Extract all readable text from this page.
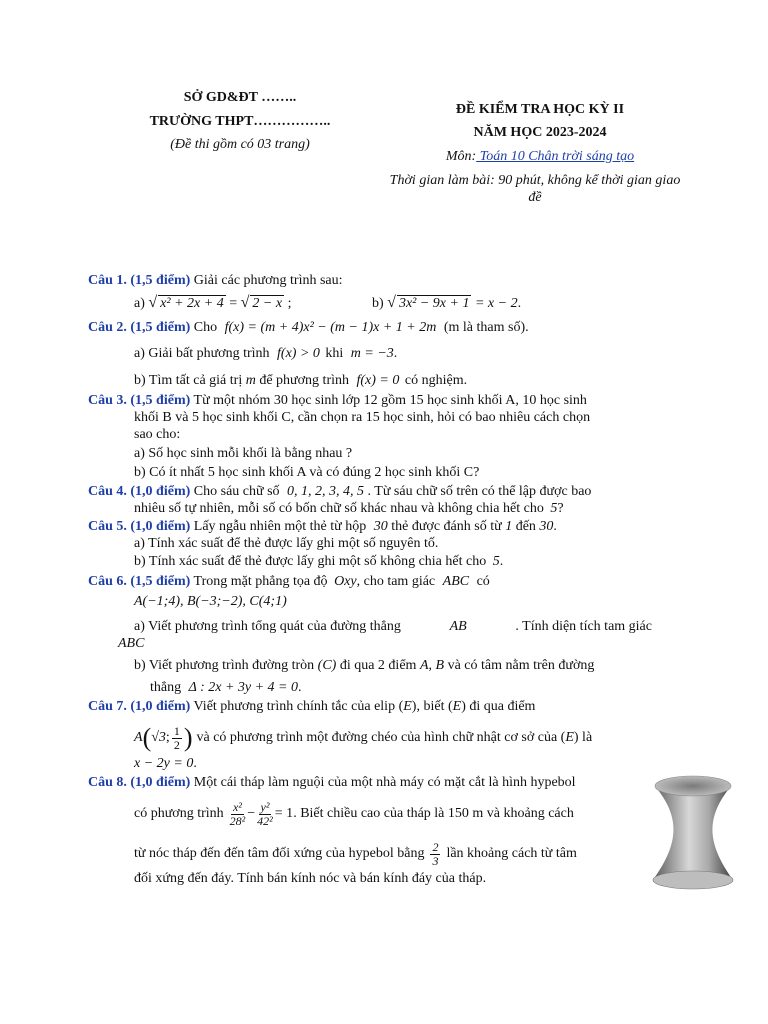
SỞ GD&ĐT ……..
TRƯỜNG THPT……………..
(Đề thi gồm có 03 trang)
ĐỀ KIỂM TRA HỌC KỲ II
NĂM HỌC 2023-2024
Môn: Toán 10 Chân trời sáng tạo
Thời gian làm bài: 90 phút, không kể thời gian giao
đề
Câu 1. (1,5 điểm) Giải các phương trình sau:
a) √ x² + 2x + 4 = √ 2 − x ;	b) √ 3x² − 9x + 1 = x − 2.
Câu 2. (1,5 điểm) Cho f(x) = (m + 4)x² − (m − 1)x + 1 + 2m (m là tham số).
a) Giải bất phương trình f(x) > 0 khi m = −3.
b) Tìm tất cả giá trị m để phương trình f(x) = 0 có nghiệm.
Câu 3. (1,5 điểm) Từ một nhóm 30 học sinh lớp 12 gồm 15 học sinh khối A, 10 học sinh
khối B và 5 học sinh khối C, cần chọn ra 15 học sinh, hỏi có bao nhiêu cách chọn
sao cho:
a) Số học sinh mỗi khối là bằng nhau ?
b) Có ít nhất 5 học sinh khối A và có đúng 2 học sinh khối C?
Câu 4. (1,0 điểm) Cho sáu chữ số 0, 1, 2, 3, 4, 5 . Từ sáu chữ số trên có thể lập được bao
nhiêu số tự nhiên, mỗi số có bốn chữ số khác nhau và không chia hết cho 5?
Câu 5. (1,0 điểm) Lấy ngẫu nhiên một thẻ từ hộp 30 thẻ được đánh số từ 1 đến 30.
a) Tính xác suất để thẻ được lấy ghi một số nguyên tố.
b) Tính xác suất để thẻ được lấy ghi một số không chia hết cho 5.
Câu 6. (1,5 điểm) Trong mặt phẳng tọa độ Oxy, cho tam giác ABC có
A(−1;4), B(−3;−2), C(4;1)
a) Viết phương trình tổng quát của đường thẳng	AB	. Tính diện tích tam giác
ABC
b) Viết phương trình đường tròn (C) đi qua 2 điểm A, B và có tâm nằm trên đường
thẳng Δ : 2x + 3y + 4 = 0.
Câu 7. (1,0 điểm) Viết phương trình chính tắc của elip (E), biết (E) đi qua điểm
A ( √3 ; $\frac{1}{2}$ ) và có phương trình một đường chéo của hình chữ nhật cơ sở của ( E ) là
x − 2y = 0.
Câu 8. (1,0 điểm) Một cái tháp làm nguội của một nhà máy có mặt cắt là hình hypebol
có phương trình $\frac{\text{x²}}{\text{28²}} - \frac{\text{y²}}{\text{42²}} = 1$ . Biết chiều cao của tháp là 150 m và khoảng cách
từ nóc tháp đến đến tâm đối xứng của hypebol bằng $\frac{2}{3}$ lần khoảng cách từ tâm
đối xứng đến đáy. Tính bán kính nóc và bán kính đáy của tháp.
